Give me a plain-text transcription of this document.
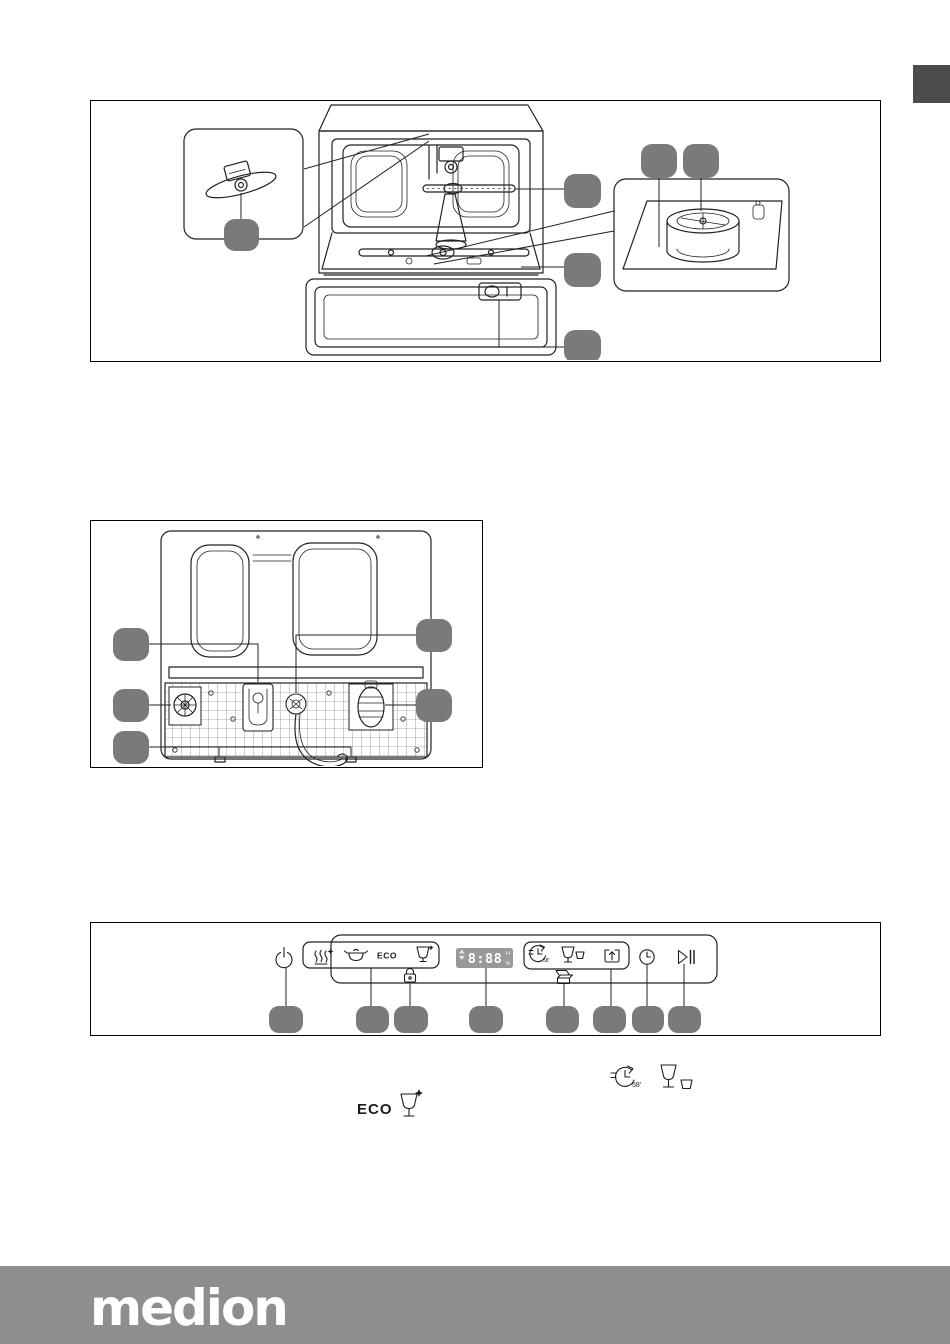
ECO	8:88 H
%	58'
58'
ECO
medion
